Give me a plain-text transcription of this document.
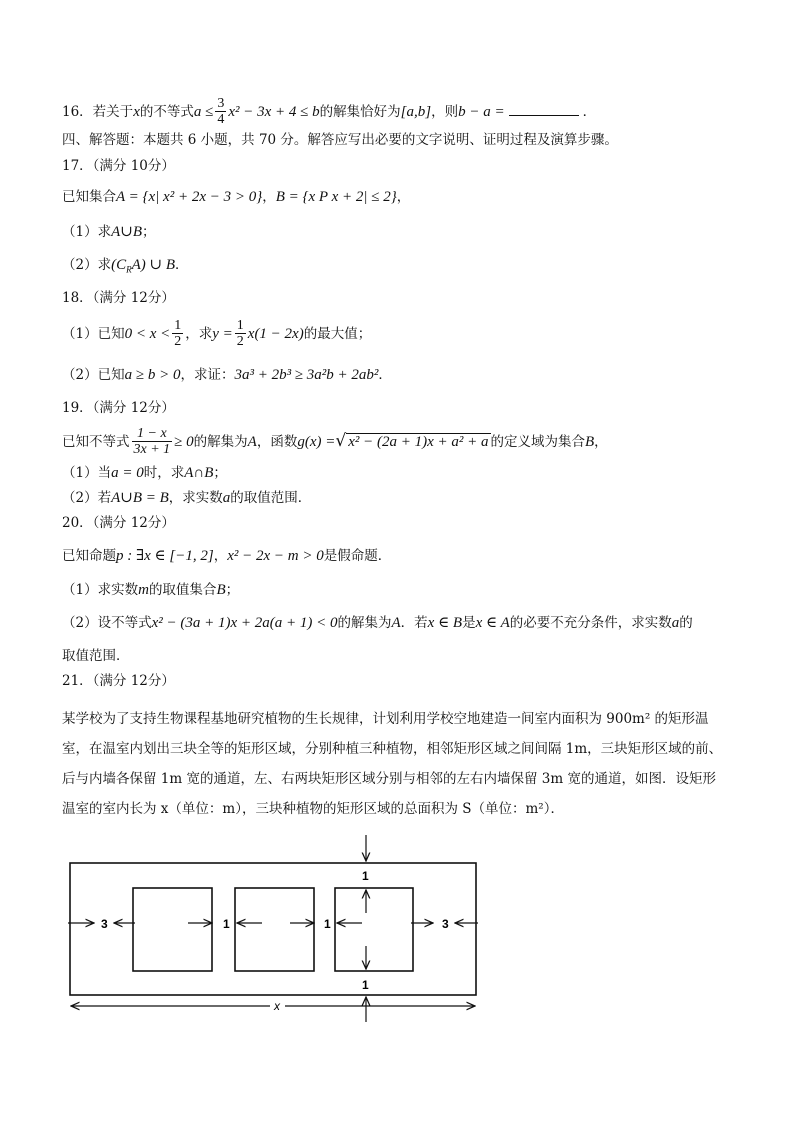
16．若关于x的不等式$a \le \frac{3}{4} x^2 - 3x + 4 \le b$的解集恰好为[a,b]，则b − a =	．
四、解答题：本题共 6 小题，共 70 分。解答应写出必要的文字说明、证明过程及演算步骤。
17．（满分 10分）
已知集合A = {x| x² + 2x − 3 > 0}，B = {x P x + 2| ≤ 2}，
（1）求A∪B；
（2）求$(C_RA)$ ∪ B．
18．（满分 12分）
（1）已知$0 < x < \frac{1}{2}$ ，求$y = \frac{1}{2} x(1 - 2x)$的最大值；
（2）已知a ≥ b > 0，求证：3a³ + 2b³ ≥ 3a²b + 2ab²．
19．（满分 12分）
已知不等式 $\frac{1 - x}{3x + 1} \ge 0$的解集为A，函数g(x) =√ x² − (2a + 1)x + a² + a 的定义域为集合B，
（1）当a = 0时，求A∩B；
（2）若A∪B = B，求实数a的取值范围．
20．（满分 12分）
已知命题p : ∃x ∈ [−1, 2]，x² − 2x − m > 0是假命题．
（1）求实数m的取值集合B；
（2）设不等式x² − (3a + 1)x + 2a(a + 1) < 0的解集为A．若x ∈ B是x ∈ A的必要不充分条件，求实数a的
取值范围．
21．（满分 12分）
某学校为了支持生物课程基地研究植物的生长规律，计划利用学校空地建造一间室内面积为 900m² 的矩形温
室，在温室内划出三块全等的矩形区域，分别种植三种植物，相邻矩形区域之间间隔 1m，三块矩形区域的前、
后与内墙各保留 1m 宽的通道，左、右两块矩形区域分别与相邻的左右内墙保留 3m 宽的通道，如图．设矩形
温室的室内长为 x（单位：m），三块种植物的矩形区域的总面积为 S（单位：m²）．
3	1	1	3
1
1
x
